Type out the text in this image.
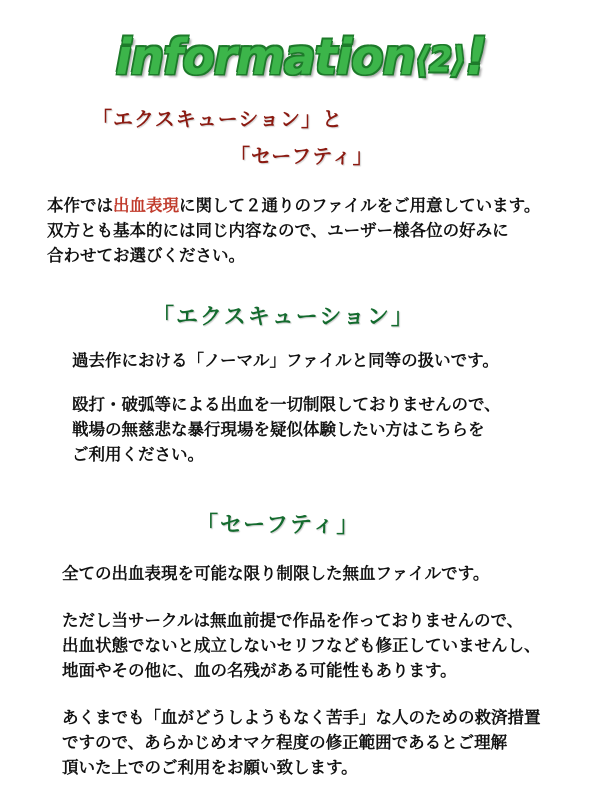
information⟨2⟩!
「エクスキューション」と
「セーフティ」
本作では出血表現に関して２通りのファイルをご用意しています。
双方とも基本的には同じ内容なので、ユーザー様各位の好みに
合わせてお選びください。
「エクスキューション」
過去作における「ノーマル」ファイルと同等の扱いです。
殴打・破弧等による出血を一切制限しておりませんので、
戦場の無慈悲な暴行現場を疑似体験したい方はこちらを
ご利用ください。
「セーフティ」
全ての出血表現を可能な限り制限した無血ファイルです。
ただし当サークルは無血前提で作品を作っておりませんので、
出血状態でないと成立しないセリフなども修正していませんし、
地面やその他に、血の名残がある可能性もあります。
あくまでも「血がどうしようもなく苦手」な人のための救済措置
ですので、あらかじめオマケ程度の修正範囲であるとご理解
頂いた上でのご利用をお願い致します。
